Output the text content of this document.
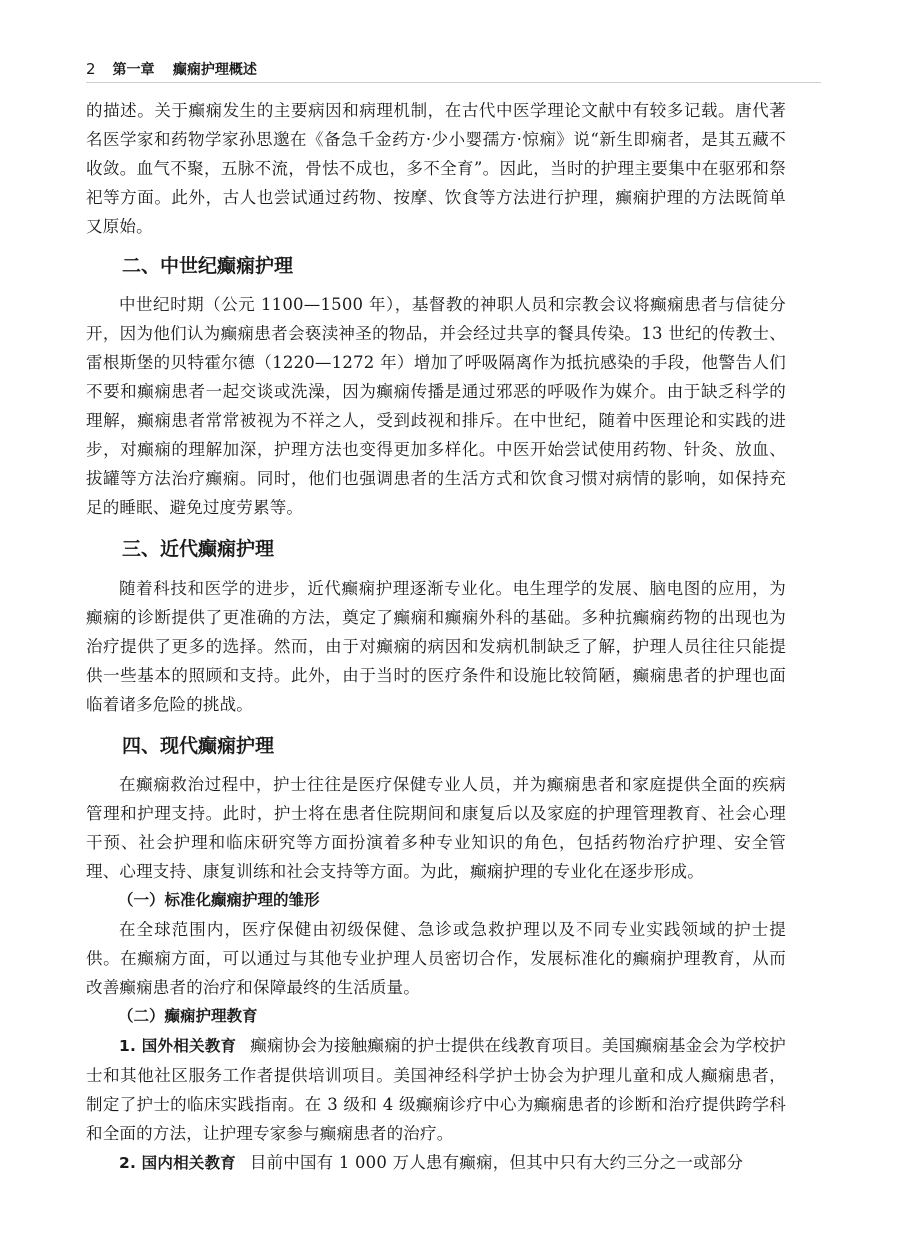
2 第一章 癫痫护理概述

的描述。关于癫痫发生的主要病因和病理机制，在古代中医学理论文献中有较多记载。唐代著名医学家和药物学家孙思邈在《备急千金药方·少小婴孺方·惊痫》说“新生即痫者，是其五藏不收敛。血气不聚，五脉不流，骨怯不成也，多不全育”。因此，当时的护理主要集中在驱邪和祭祀等方面。此外，古人也尝试通过药物、按摩、饮食等方法进行护理，癫痫护理的方法既简单又原始。

二、中世纪癫痫护理

中世纪时期（公元 1100—1500 年），基督教的神职人员和宗教会议将癫痫患者与信徒分开，因为他们认为癫痫患者会亵渎神圣的物品，并会经过共享的餐具传染。13 世纪的传教士、雷根斯堡的贝特霍尔德（1220—1272 年）增加了呼吸隔离作为抵抗感染的手段，他警告人们不要和癫痫患者一起交谈或洗澡，因为癫痫传播是通过邪恶的呼吸作为媒介。由于缺乏科学的理解，癫痫患者常常被视为不祥之人，受到歧视和排斥。在中世纪，随着中医理论和实践的进步，对癫痫的理解加深，护理方法也变得更加多样化。中医开始尝试使用药物、针灸、放血、拔罐等方法治疗癫痫。同时，他们也强调患者的生活方式和饮食习惯对病情的影响，如保持充足的睡眠、避免过度劳累等。

三、近代癫痫护理

随着科技和医学的进步，近代癫痫护理逐渐专业化。电生理学的发展、脑电图的应用，为癫痫的诊断提供了更准确的方法，奠定了癫痫和癫痫外科的基础。多种抗癫痫药物的出现也为治疗提供了更多的选择。然而，由于对癫痫的病因和发病机制缺乏了解，护理人员往往只能提供一些基本的照顾和支持。此外，由于当时的医疗条件和设施比较简陋，癫痫患者的护理也面临着诸多危险的挑战。

四、现代癫痫护理

在癫痫救治过程中，护士往往是医疗保健专业人员，并为癫痫患者和家庭提供全面的疾病管理和护理支持。此时，护士将在患者住院期间和康复后以及家庭的护理管理教育、社会心理干预、社会护理和临床研究等方面扮演着多种专业知识的角色，包括药物治疗护理、安全管理、心理支持、康复训练和社会支持等方面。为此，癫痫护理的专业化在逐步形成。

（一）标准化癫痫护理的雏形

在全球范围内，医疗保健由初级保健、急诊或急救护理以及不同专业实践领域的护士提供。在癫痫方面，可以通过与其他专业护理人员密切合作，发展标准化的癫痫护理教育，从而改善癫痫患者的治疗和保障最终的生活质量。

（二）癫痫护理教育

1. 国外相关教育 癫痫协会为接触癫痫的护士提供在线教育项目。美国癫痫基金会为学校护士和其他社区服务工作者提供培训项目。美国神经科学护士协会为护理儿童和成人癫痫患者，制定了护士的临床实践指南。在 3 级和 4 级癫痫诊疗中心为癫痫患者的诊断和治疗提供跨学科和全面的方法，让护理专家参与癫痫患者的治疗。

2. 国内相关教育 目前中国有 1 000 万人患有癫痫，但其中只有大约三分之一或部分
